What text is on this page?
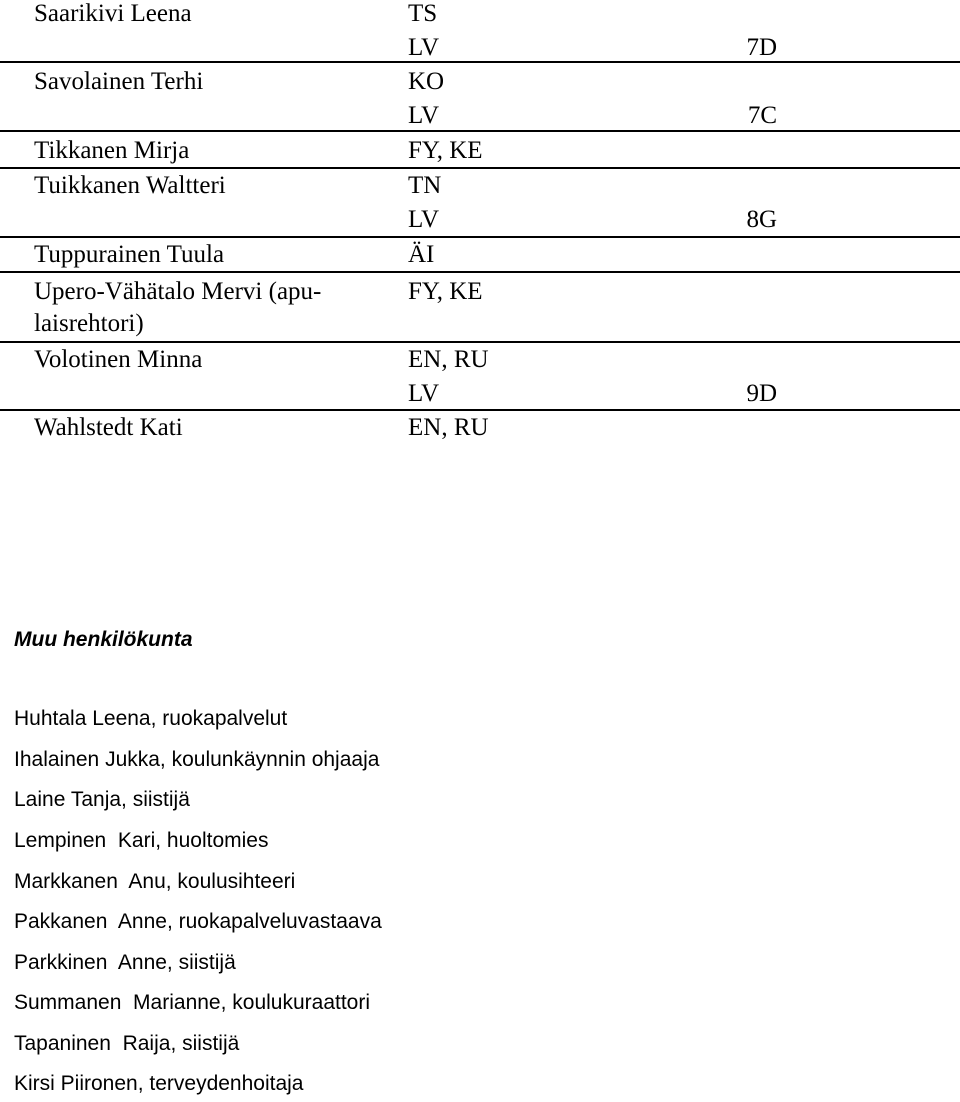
Saarikivi Leena	TS
LV	7D
Savolainen Terhi	KO
LV	7C
Tikkanen Mirja	FY, KE
Tuikkanen Waltteri	TN
LV	8G
Tuppurainen Tuula	ÄI
Upero-Vähätalo Mervi (apu-	FY, KE
laisrehtori)
Volotinen Minna	EN, RU
LV	9D
Wahlstedt Kati	EN, RU
Muu henkilökunta
Huhtala Leena, ruokapalvelut
Ihalainen Jukka, koulunkäynnin ohjaaja
Laine Tanja, siistijä
Lempinen  Kari, huoltomies
Markkanen  Anu, koulusihteeri
Pakkanen  Anne, ruokapalveluvastaava
Parkkinen  Anne, siistijä
Summanen  Marianne, koulukuraattori
Tapaninen  Raija, siistijä
Kirsi Piironen, terveydenhoitaja
